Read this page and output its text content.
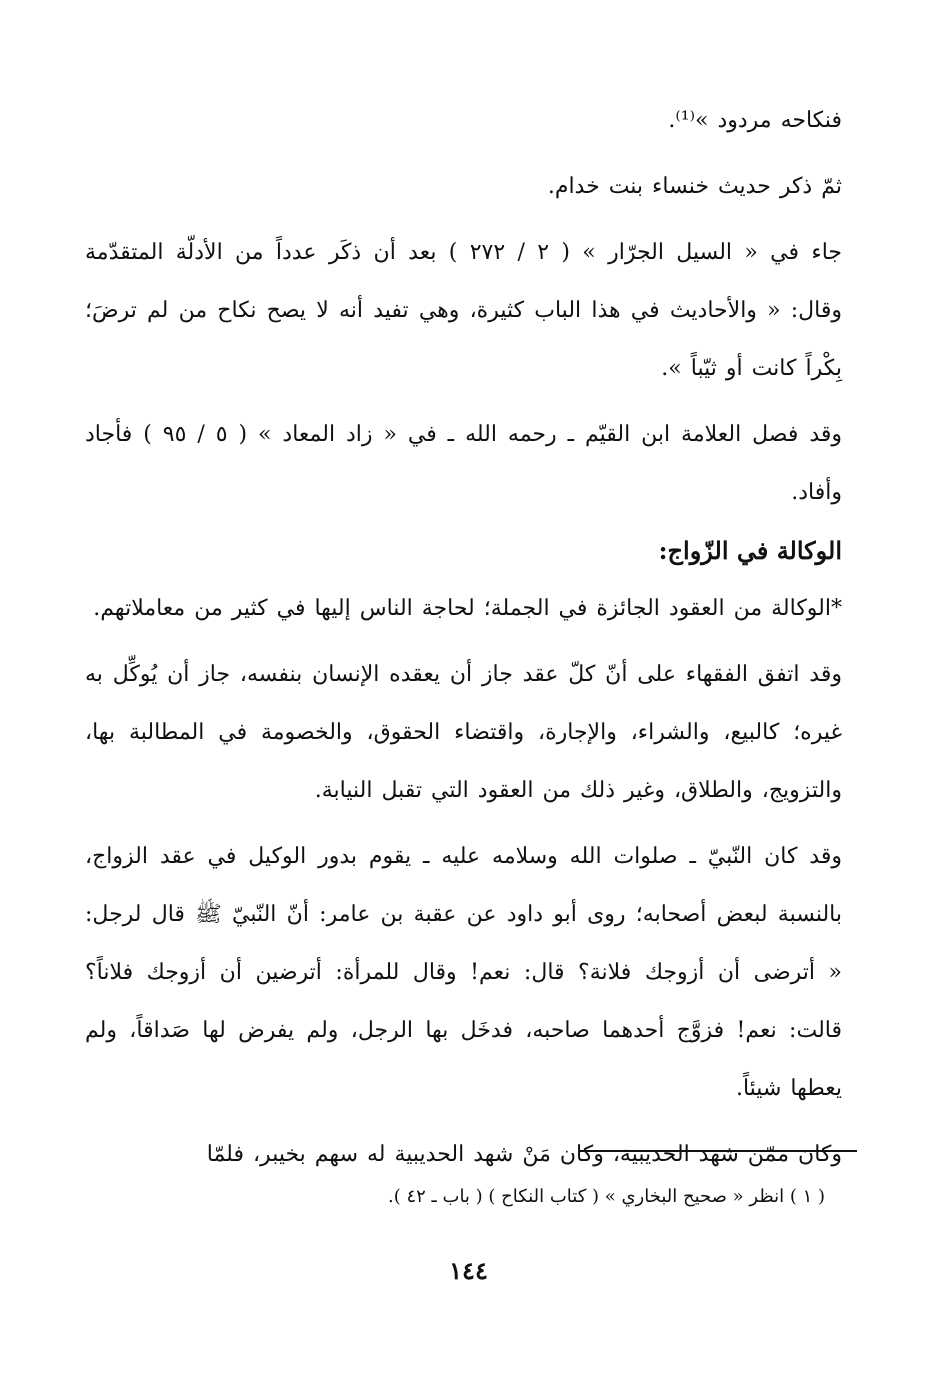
فنكاحه مردود »⁽¹⁾.

ثمّ ذكر حديث خنساء بنت خدام.

جاء في « السيل الجرّار » ( ٢ / ٢٧٢ ) بعد أن ذكَر عدداً من الأدلّة المتقدّمة وقال: « والأحاديث في هذا الباب كثيرة، وهي تفيد أنه لا يصح نكاح من لم ترضَ؛ بِكْراً كانت أو ثيّباً ».

وقد فصل العلامة ابن القيّم ـ رحمه الله ـ في « زاد المعاد » ( ٥ / ٩٥ ) فأجاد وأفاد.

الوكالة في الزّواج:

*الوكالة من العقود الجائزة في الجملة؛ لحاجة الناس إليها في كثير من معاملاتهم.

وقد اتفق الفقهاء على أنّ كلّ عقد جاز أن يعقده الإنسان بنفسه، جاز أن يُوكِّل به غيره؛ كالبيع، والشراء، والإجارة، واقتضاء الحقوق، والخصومة في المطالبة بها، والتزويج، والطلاق، وغير ذلك من العقود التي تقبل النيابة.

وقد كان النّبيّ ـ صلوات الله وسلامه عليه ـ يقوم بدور الوكيل في عقد الزواج، بالنسبة لبعض أصحابه؛ روى أبو داود عن عقبة بن عامر: أنّ النّبيّ ﷺ قال لرجل: « أترضى أن أزوجك فلانة؟ قال: نعم! وقال للمرأة: أترضين أن أزوجك فلاناً؟ قالت: نعم! فزوَّج أحدهما صاحبه، فدخَل بها الرجل، ولم يفرض لها صَداقاً، ولم يعطها شيئاً.

وكان ممّن شهد الحديبية، وكان مَنْ شهد الحديبية له سهم بخيبر، فلمّا

( ١ ) انظر « صحيح البخاري » ( كتاب النكاح ) ( باب ـ ٤٢ ).

١٤٤
